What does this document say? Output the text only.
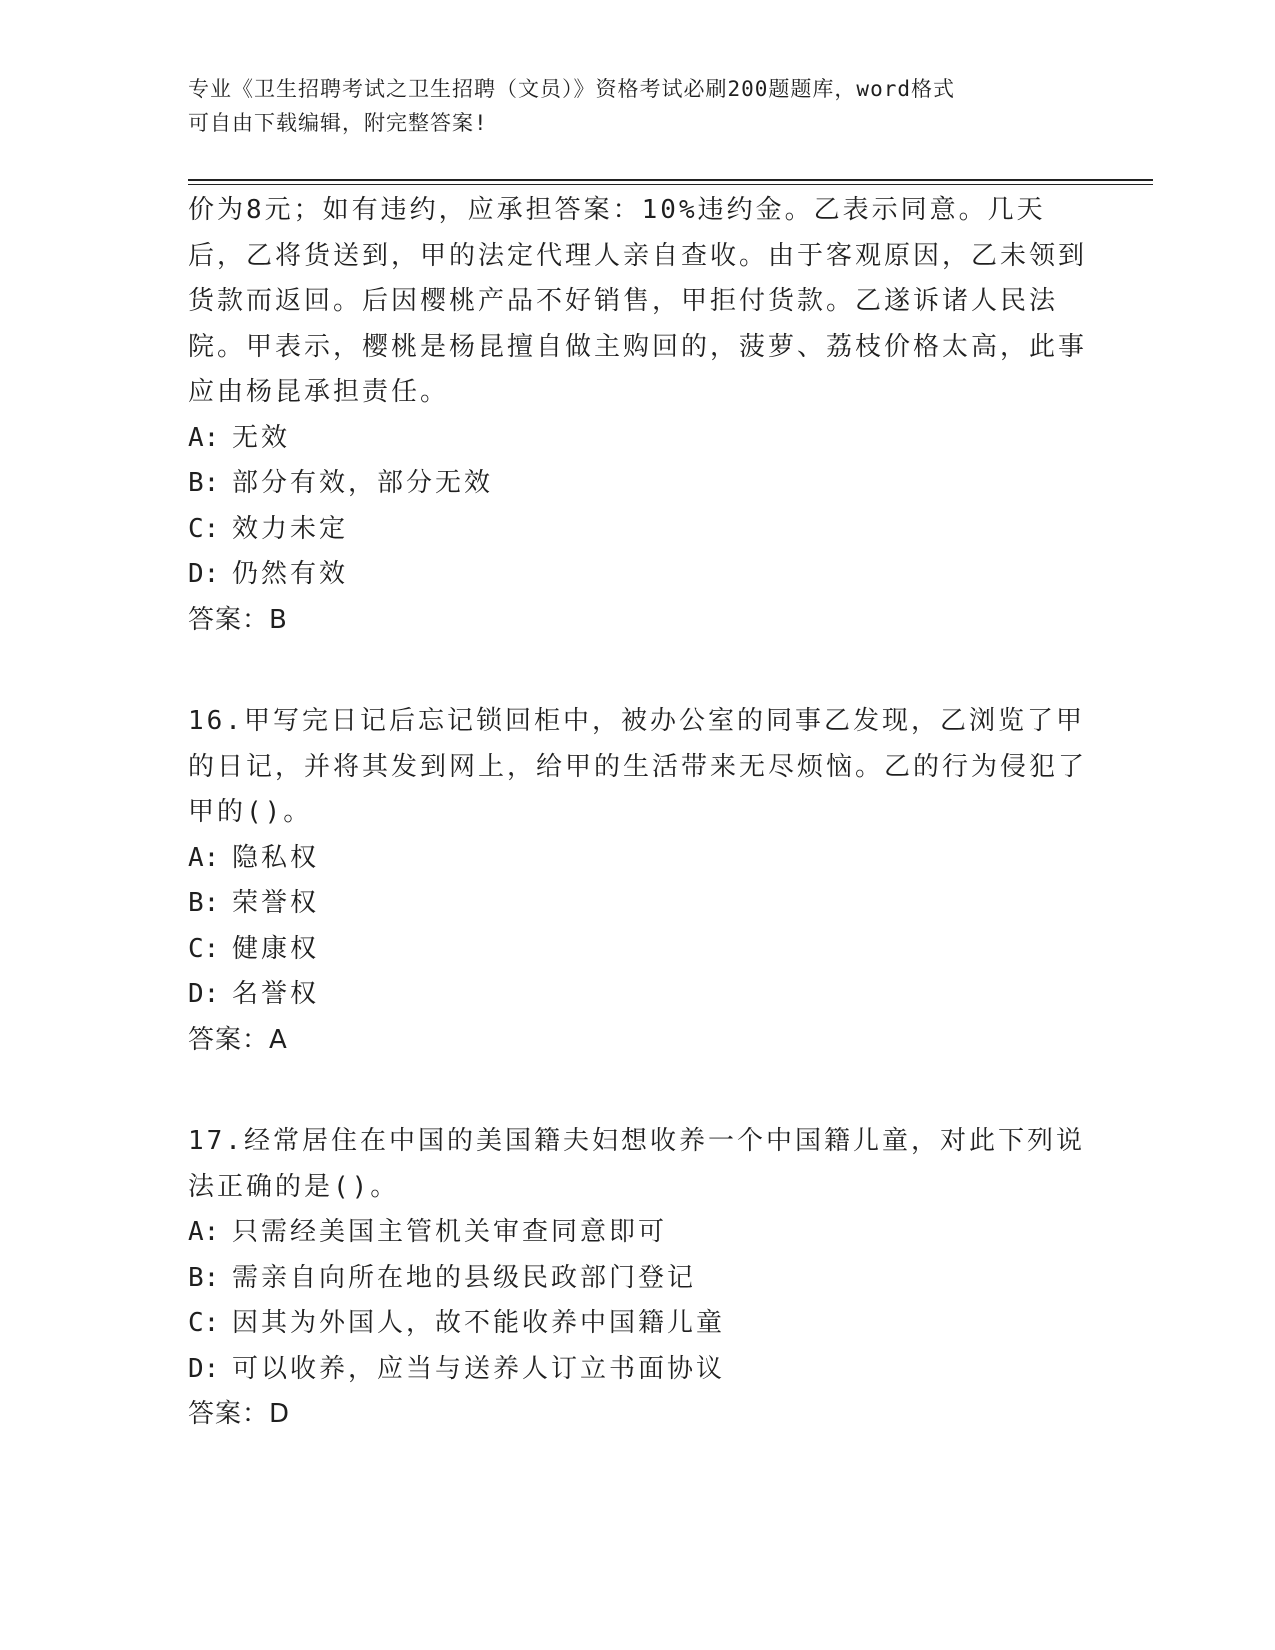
专业《卫生招聘考试之卫生招聘（文员）》资格考试必刷200题题库，word格式
可自由下载编辑，附完整答案!

价为8元；如有违约，应承担答案：10%违约金。乙表示同意。几天后，乙将货送到，甲的法定代理人亲自查收。由于客观原因，乙未领到货款而返回。后因樱桃产品不好销售，甲拒付货款。乙遂诉诸人民法院。甲表示，樱桃是杨昆擅自做主购回的，菠萝、荔枝价格太高，此事应由杨昆承担责任。

A: 无效
B: 部分有效，部分无效
C: 效力未定
D: 仍然有效
答案：B

16.甲写完日记后忘记锁回柜中，被办公室的同事乙发现，乙浏览了甲的日记，并将其发到网上，给甲的生活带来无尽烦恼。乙的行为侵犯了甲的()。

A: 隐私权
B: 荣誉权
C: 健康权
D: 名誉权
答案：A

17.经常居住在中国的美国籍夫妇想收养一个中国籍儿童，对此下列说法正确的是()。

A: 只需经美国主管机关审查同意即可
B: 需亲自向所在地的县级民政部门登记
C: 因其为外国人，故不能收养中国籍儿童
D: 可以收养，应当与送养人订立书面协议
答案：D
